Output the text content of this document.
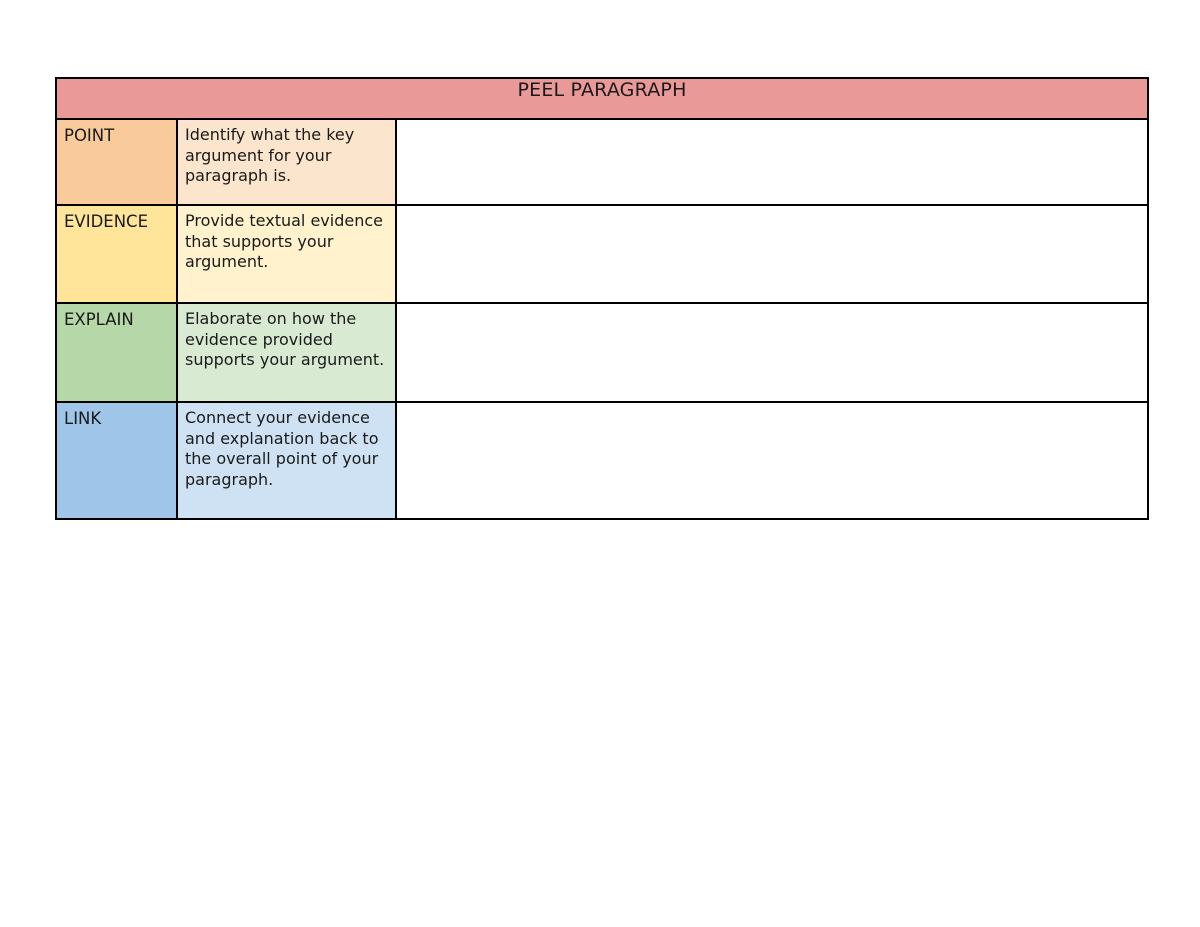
PEEL PARAGRAPH		
POINT	Identify what the key argument for your paragraph is.	
EVIDENCE	Provide textual evidence that supports your argument.	
EXPLAIN	Elaborate on how the evidence provided supports your argument.	
LINK	Connect your evidence and explanation back to the overall point of your paragraph.	
